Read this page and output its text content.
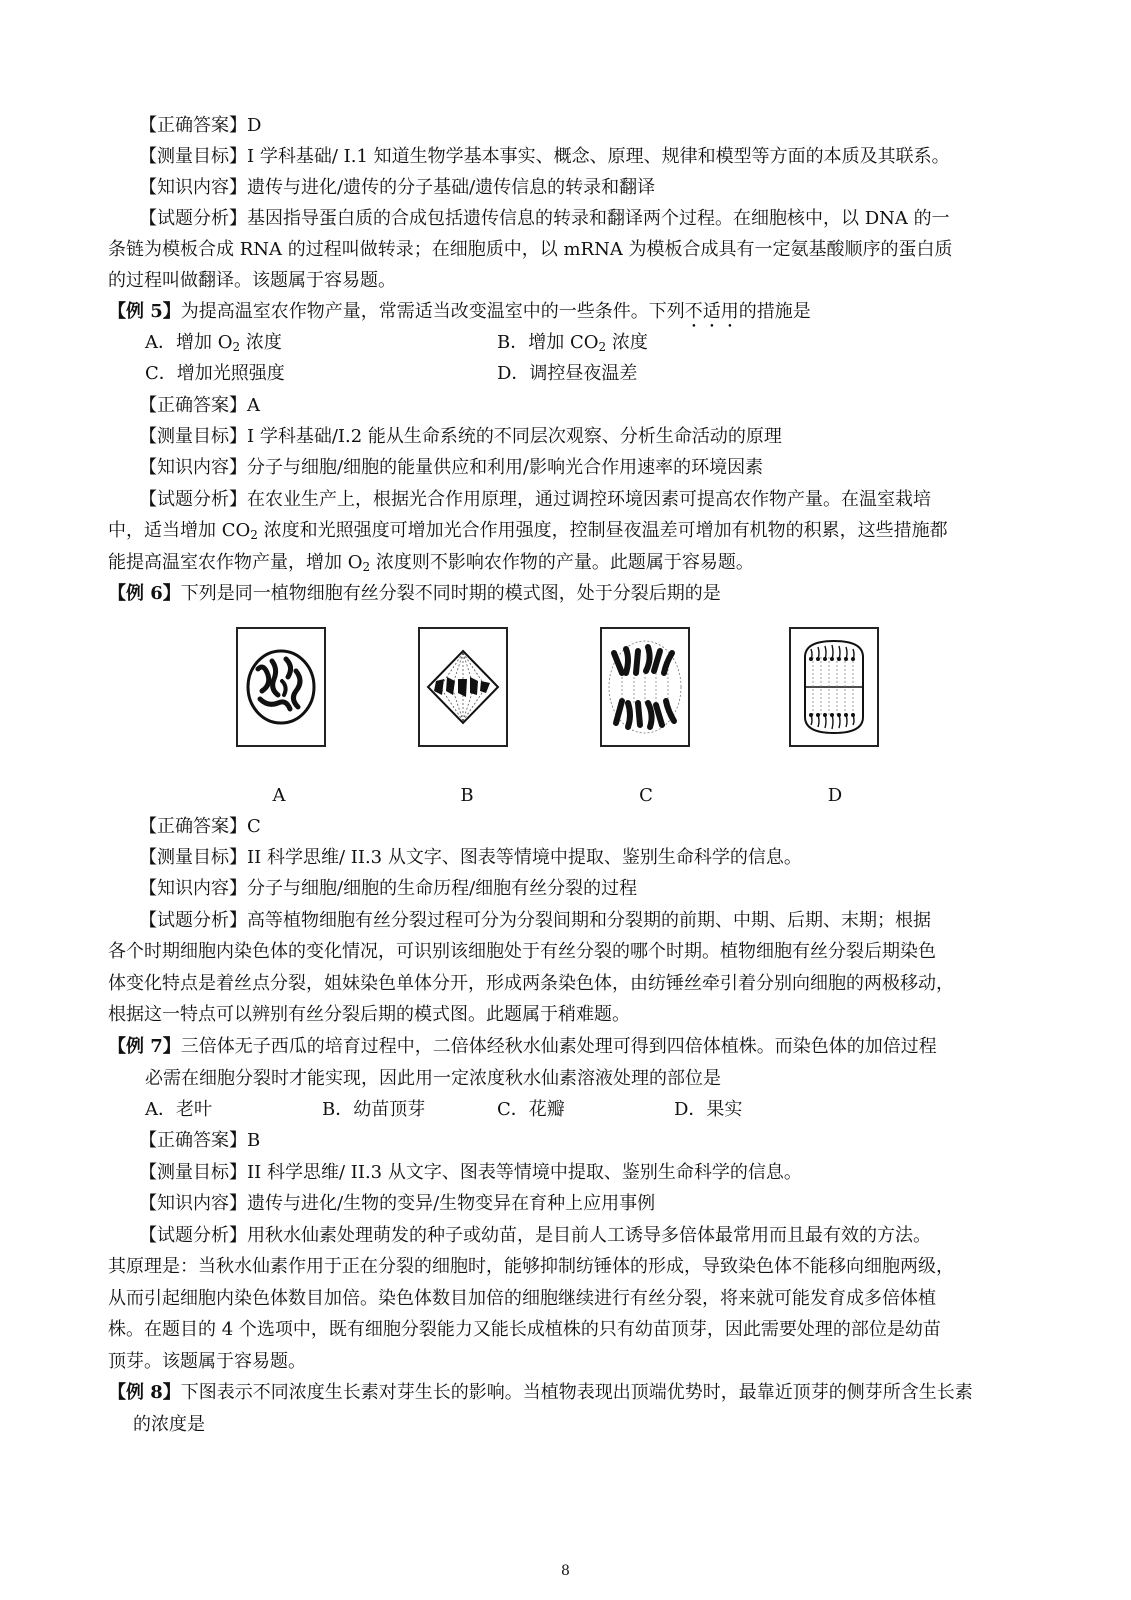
【正确答案】D
【测量目标】I 学科基础/ I.1 知道生物学基本事实、概念、原理、规律和模型等方面的本质及其联系。
【知识内容】遗传与进化/遗传的分子基础/遗传信息的转录和翻译
【试题分析】基因指导蛋白质的合成包括遗传信息的转录和翻译两个过程。在细胞核中，以 DNA 的一
条链为模板合成 RNA 的过程叫做转录；在细胞质中，以 mRNA 为模板合成具有一定氨基酸顺序的蛋白质
的过程叫做翻译。该题属于容易题。
【例 5】为提高温室农作物产量，常需适当改变温室中的一些条件。下列不适用的措施是
A．增加 $O_2$ 浓度	B．增加 $CO_2$ 浓度
C．增加光照强度	D．调控昼夜温差
【正确答案】A
【测量目标】I 学科基础/I.2 能从生命系统的不同层次观察、分析生命活动的原理
【知识内容】分子与细胞/细胞的能量供应和利用/影响光合作用速率的环境因素
【试题分析】在农业生产上，根据光合作用原理，通过调控环境因素可提高农作物产量。在温室栽培
中，适当增加 $CO_2$ 浓度和光照强度可增加光合作用强度，控制昼夜温差可增加有机物的积累，这些措施都
能提高温室农作物产量，增加 $O_2$ 浓度则不影响农作物的产量。此题属于容易题。
【例 6】下列是同一植物细胞有丝分裂不同时期的模式图，处于分裂后期的是
A	B	C	D
【正确答案】C
【测量目标】II 科学思维/ II.3 从文字、图表等情境中提取、鉴别生命科学的信息。
【知识内容】分子与细胞/细胞的生命历程/细胞有丝分裂的过程
【试题分析】高等植物细胞有丝分裂过程可分为分裂间期和分裂期的前期、中期、后期、末期；根据
各个时期细胞内染色体的变化情况，可识别该细胞处于有丝分裂的哪个时期。植物细胞有丝分裂后期染色
体变化特点是着丝点分裂，姐妹染色单体分开，形成两条染色体，由纺锤丝牵引着分别向细胞的两极移动，
根据这一特点可以辨别有丝分裂后期的模式图。此题属于稍难题。
【例 7】三倍体无子西瓜的培育过程中，二倍体经秋水仙素处理可得到四倍体植株。而染色体的加倍过程
必需在细胞分裂时才能实现，因此用一定浓度秋水仙素溶液处理的部位是
A．老叶	B．幼苗顶芽	C．花瓣	D．果实
【正确答案】B
【测量目标】II 科学思维/ II.3 从文字、图表等情境中提取、鉴别生命科学的信息。
【知识内容】遗传与进化/生物的变异/生物变异在育种上应用事例
【试题分析】用秋水仙素处理萌发的种子或幼苗，是目前人工诱导多倍体最常用而且最有效的方法。
其原理是：当秋水仙素作用于正在分裂的细胞时，能够抑制纺锤体的形成，导致染色体不能移向细胞两级，
从而引起细胞内染色体数目加倍。染色体数目加倍的细胞继续进行有丝分裂，将来就可能发育成多倍体植
株。在题目的 4 个选项中，既有细胞分裂能力又能长成植株的只有幼苗顶芽，因此需要处理的部位是幼苗
顶芽。该题属于容易题。
【例 8】下图表示不同浓度生长素对芽生长的影响。当植物表现出顶端优势时，最靠近顶芽的侧芽所含生长素
的浓度是
8
